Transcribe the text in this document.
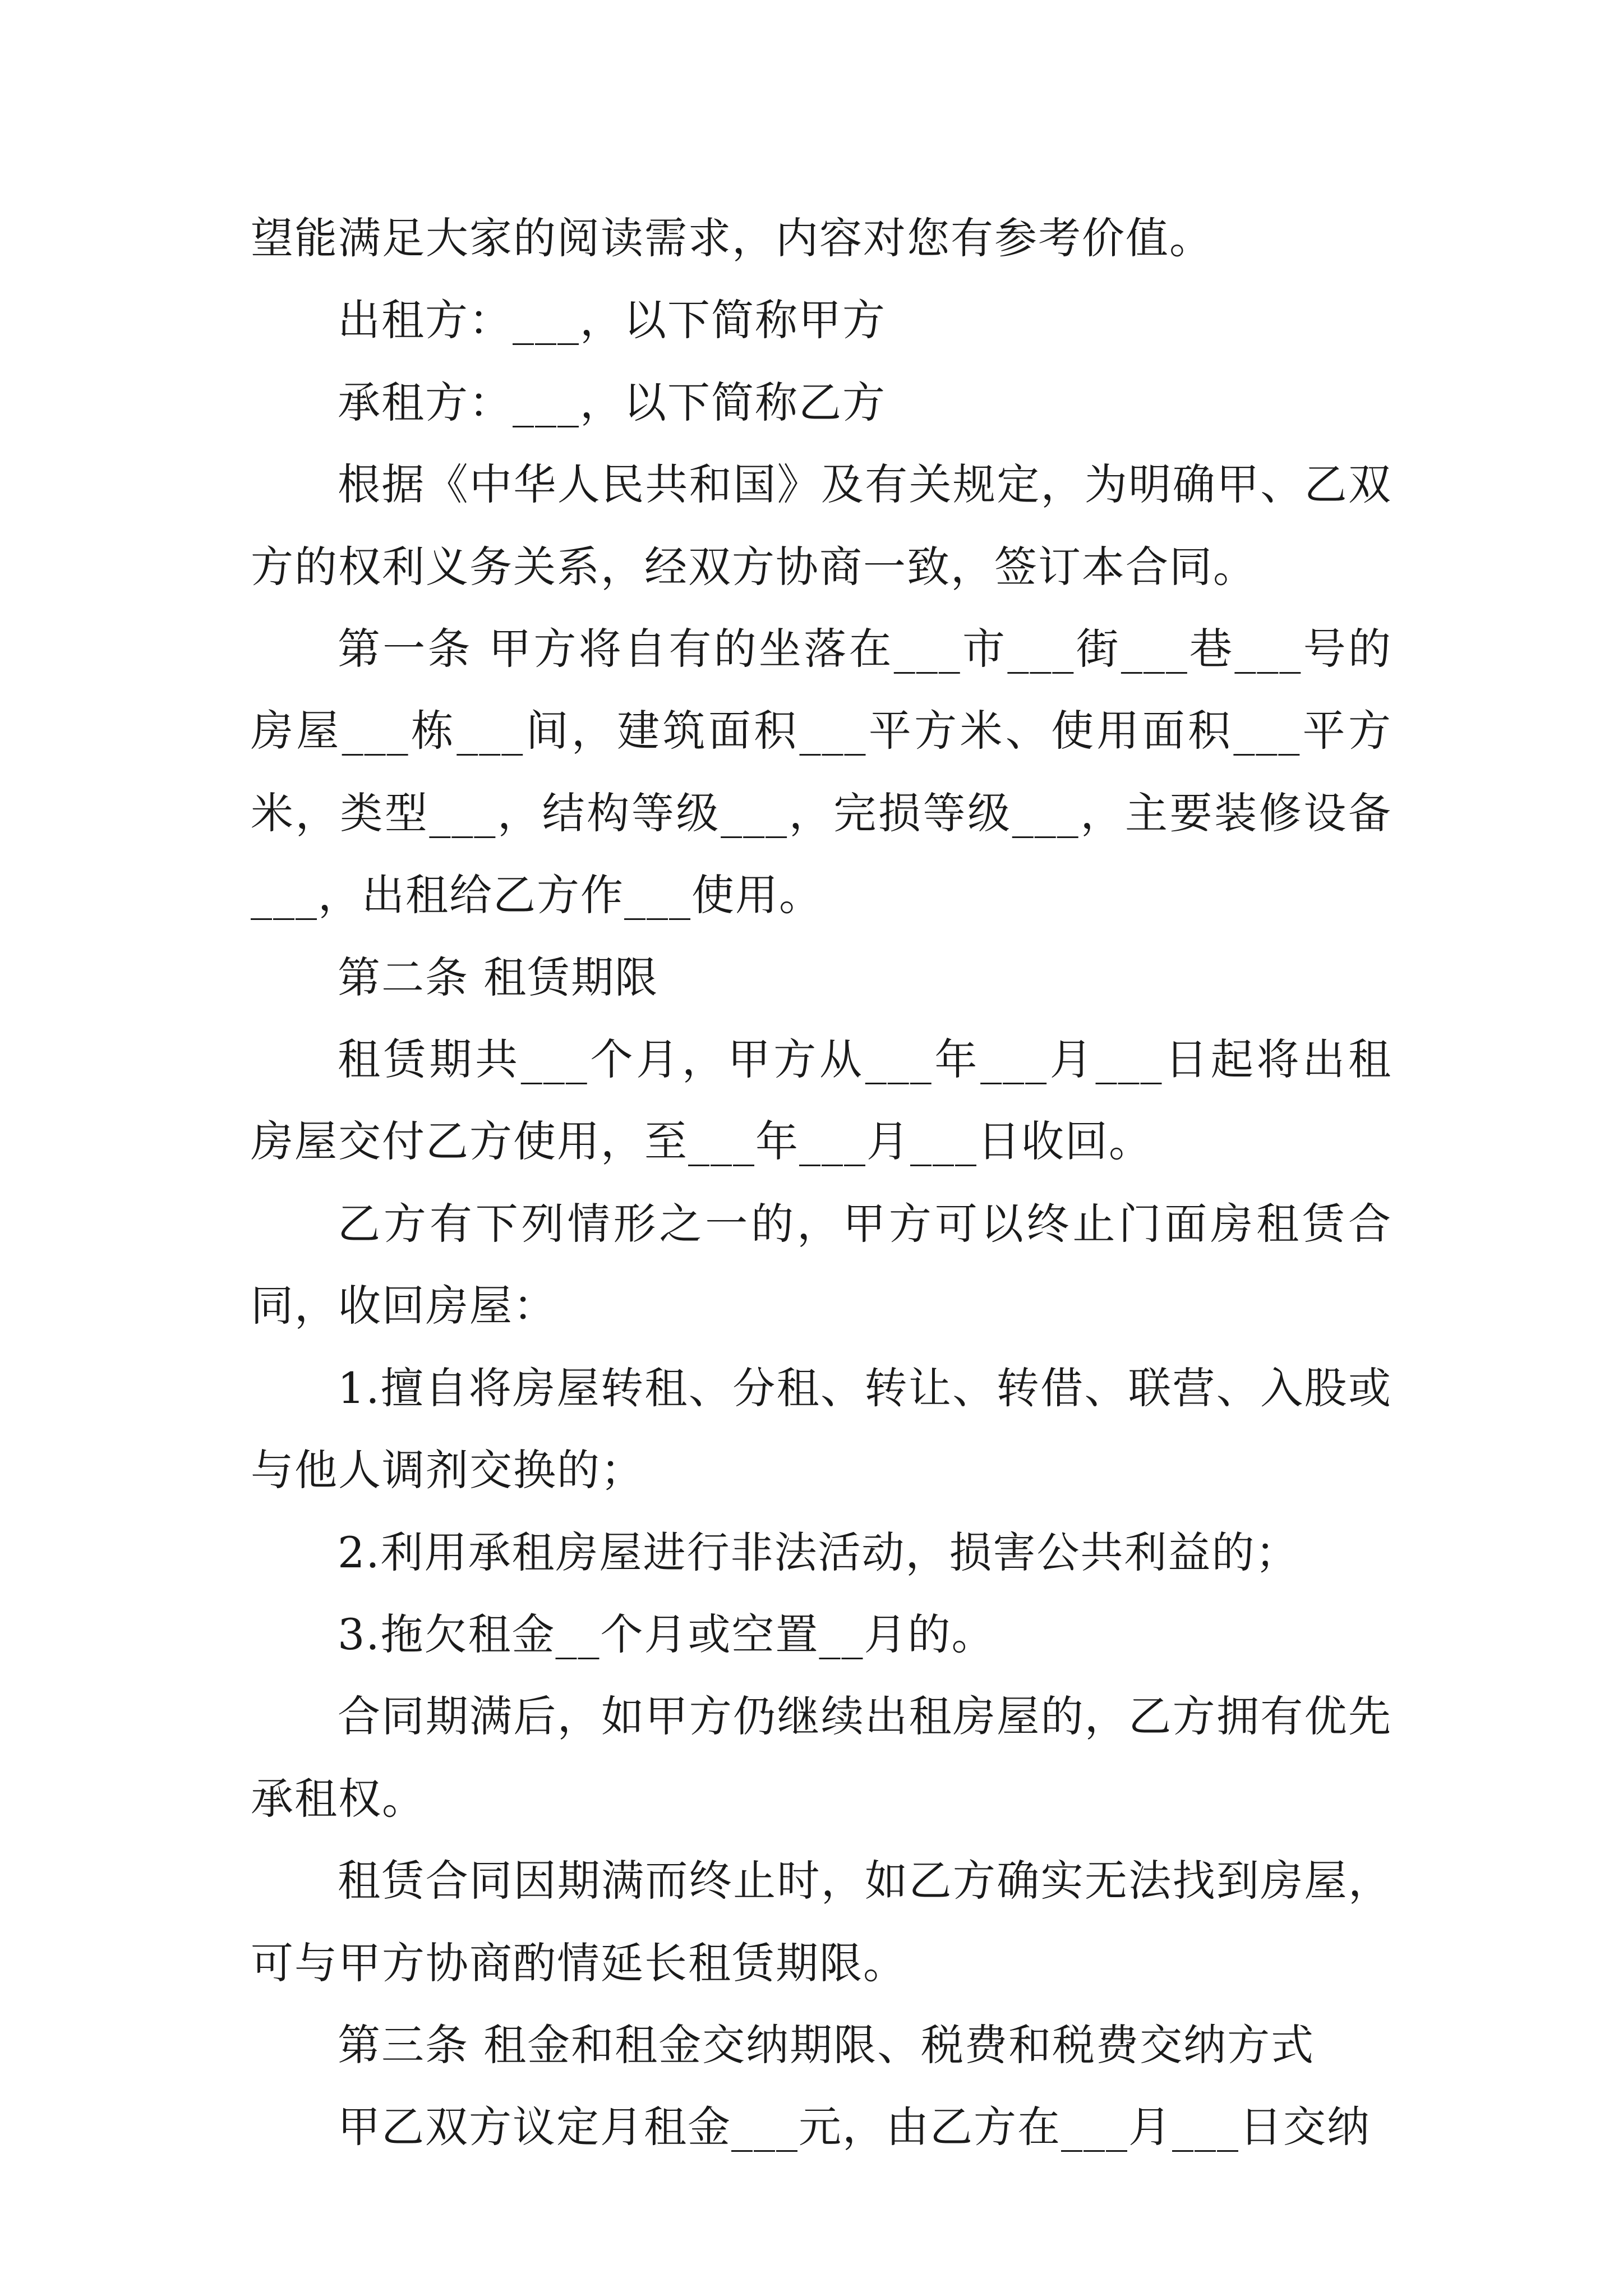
望能满足大家的阅读需求，内容对您有参考价值。

出租方：___，以下简称甲方

承租方：___，以下简称乙方

根据《中华人民共和国》及有关规定，为明确甲、乙双方的权利义务关系，经双方协商一致，签订本合同。

第一条 甲方将自有的坐落在___市___街___巷___号的房屋___栋___间，建筑面积___平方米、使用面积___平方米，类型___，结构等级___，完损等级___，主要装修设备___，出租给乙方作___使用。

第二条 租赁期限

租赁期共___个月，甲方从___年___月___日起将出租房屋交付乙方使用，至___年___月___日收回。

乙方有下列情形之一的，甲方可以终止门面房租赁合同，收回房屋：

1.擅自将房屋转租、分租、转让、转借、联营、入股或与他人调剂交换的；

2.利用承租房屋进行非法活动，损害公共利益的；

3.拖欠租金__个月或空置__月的。

合同期满后，如甲方仍继续出租房屋的，乙方拥有优先承租权。

租赁合同因期满而终止时，如乙方确实无法找到房屋，可与甲方协商酌情延长租赁期限。

第三条 租金和租金交纳期限、税费和税费交纳方式

甲乙双方议定月租金___元，由乙方在___月___日交纳
